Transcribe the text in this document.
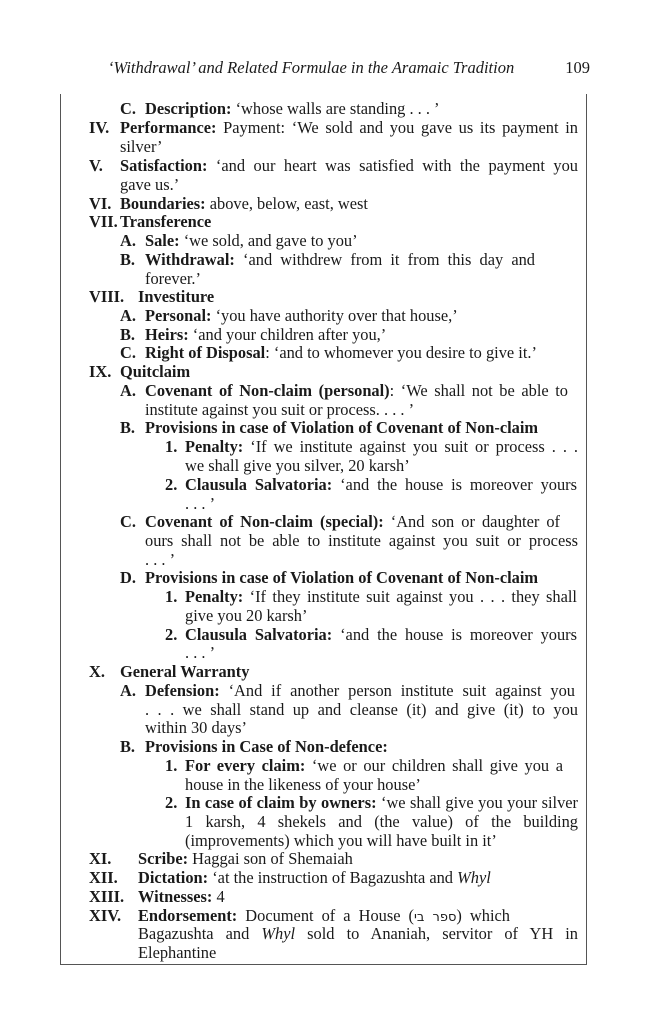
‘Withdrawal’ and Related Formulae in the Aramaic Tradition	109
C. Description: ‘whose walls are standing . . . ’
IV. Performance: Payment: ‘We sold and you gave us its payment in
silver’
V. Satisfaction: ‘and our heart was satisfied with the payment you
gave us.’
VI. Boundaries: above, below, east, west
VII. Transference
A. Sale: ‘we sold, and gave to you’
B. Withdrawal: ‘and withdrew from it from this day and
forever.’
VIII. Investiture
A. Personal: ‘you have authority over that house,’
B. Heirs: ‘and your children after you,’
C. Right of Disposal: ‘and to whomever you desire to give it.’
IX. Quitclaim
A. Covenant of Non-claim (personal): ‘We shall not be able to
institute against you suit or process. . . . ’
B. Provisions in case of Violation of Covenant of Non-claim
1. Penalty: ‘If we institute against you suit or process . . .
we shall give you silver, 20 karsh’
2. Clausula Salvatoria: ‘and the house is moreover yours
. . . ’
C. Covenant of Non-claim (special): ‘And son or daughter of
ours shall not be able to institute against you suit or process
. . . ’
D. Provisions in case of Violation of Covenant of Non-claim
1. Penalty: ‘If they institute suit against you . . . they shall
give you 20 karsh’
2. Clausula Salvatoria: ‘and the house is moreover yours
. . . ’
X. General Warranty
A. Defension: ‘And if another person institute suit against you
. . . we shall stand up and cleanse (it) and give (it) to you
within 30 days’
B. Provisions in Case of Non-defence:
1. For every claim: ‘we or our children shall give you a
house in the likeness of your house’
2. In case of claim by owners: ‘we shall give you your silver
1 karsh, 4 shekels and (the value) of the building
(improvements) which you will have built in it’
XI. Scribe: Haggai son of Shemaiah
XII. Dictation: ‘at the instruction of Bagazushta and Whyl
XIII. Witnesses: 4
XIV. Endorsement: Document of a House (ספר בי) which
Bagazushta and Whyl sold to Ananiah, servitor of YH in
Elephantine
